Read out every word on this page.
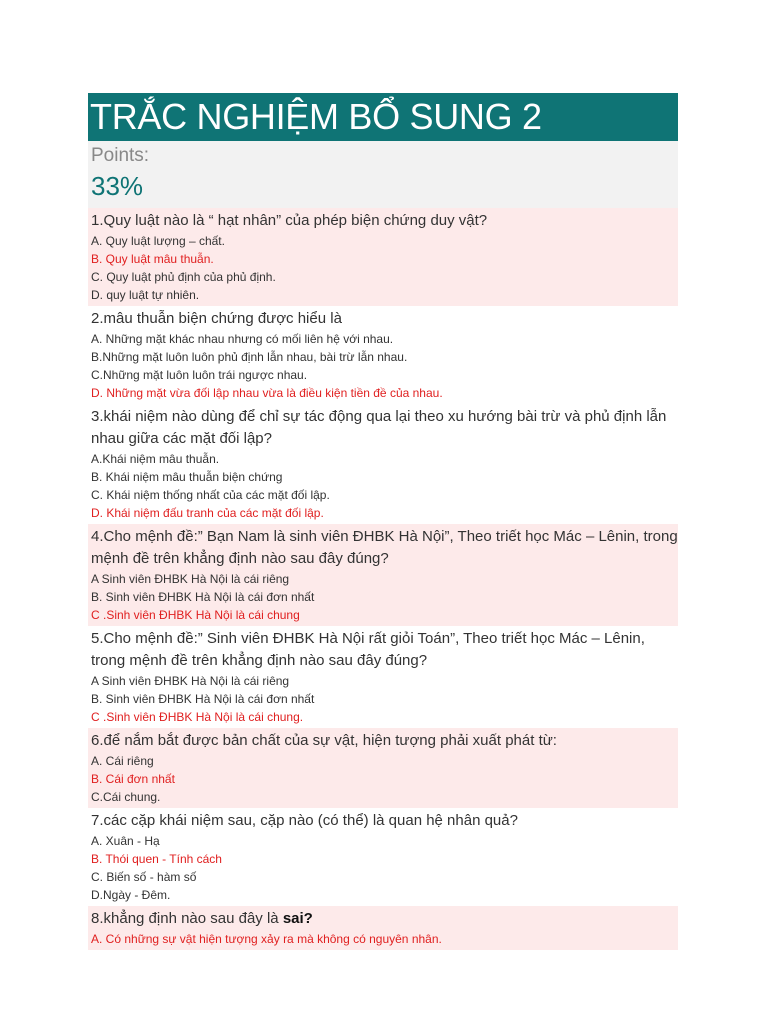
TRẮC NGHIỆM BỔ SUNG 2
Points:
33%
1.Quy luật nào là “ hạt nhân” của phép biện chứng duy vật?
A. Quy luật lượng – chất.
B. Quy luật mâu thuẫn.
C. Quy luật phủ định của phủ định.
D. quy luật tự nhiên.
2.mâu thuẫn biện chứng được hiểu là
A. Những mặt khác nhau nhưng có mối liên hệ với nhau.
B.Những mặt luôn luôn phủ định lẫn nhau, bài trừ lẫn nhau.
C.Những mặt luôn luôn trái ngược nhau.
D. Những mặt vừa đối lập nhau vừa là điều kiện tiền đề của nhau.
3.khái niệm nào dùng để chỉ sự tác động qua lại theo xu hướng bài trừ và phủ định lẫn nhau giữa các mặt đối lập?
A.Khái niệm mâu thuẫn.
B. Khái niệm mâu thuẫn biện chứng
C. Khái niệm thống nhất của các mặt đối lập.
D. Khái niệm đấu tranh của các mặt đối lập.
4.Cho mệnh đề:” Bạn Nam là sinh viên ĐHBK Hà Nội”, Theo triết học Mác – Lênin, trong mệnh đề trên khẳng định nào sau đây đúng?
A Sinh viên ĐHBK Hà Nội là cái riêng
B. Sinh viên ĐHBK Hà Nội là cái đơn nhất
C .Sinh viên ĐHBK Hà Nội là cái chung
5.Cho mệnh đề:” Sinh viên ĐHBK Hà Nội rất giỏi Toán”, Theo triết học Mác – Lênin, trong mệnh đề trên khẳng định nào sau đây đúng?
A Sinh viên ĐHBK Hà Nội là cái riêng
B. Sinh viên ĐHBK Hà Nội là cái đơn nhất
C .Sinh viên ĐHBK Hà Nội là cái chung.
6.để nắm bắt được bản chất của sự vật, hiện tượng phải xuất phát từ:
A. Cái riêng
B. Cái đơn nhất
C.Cái chung.
7.các cặp khái niệm sau, cặp nào (có thể) là quan hệ nhân quả?
A. Xuân - Hạ
B. Thói quen - Tính cách
C. Biến số - hàm số
D.Ngày - Đêm.
8.khẳng định nào sau đây là sai?
A. Có những sự vật hiện tượng xảy ra mà không có nguyên nhân.
